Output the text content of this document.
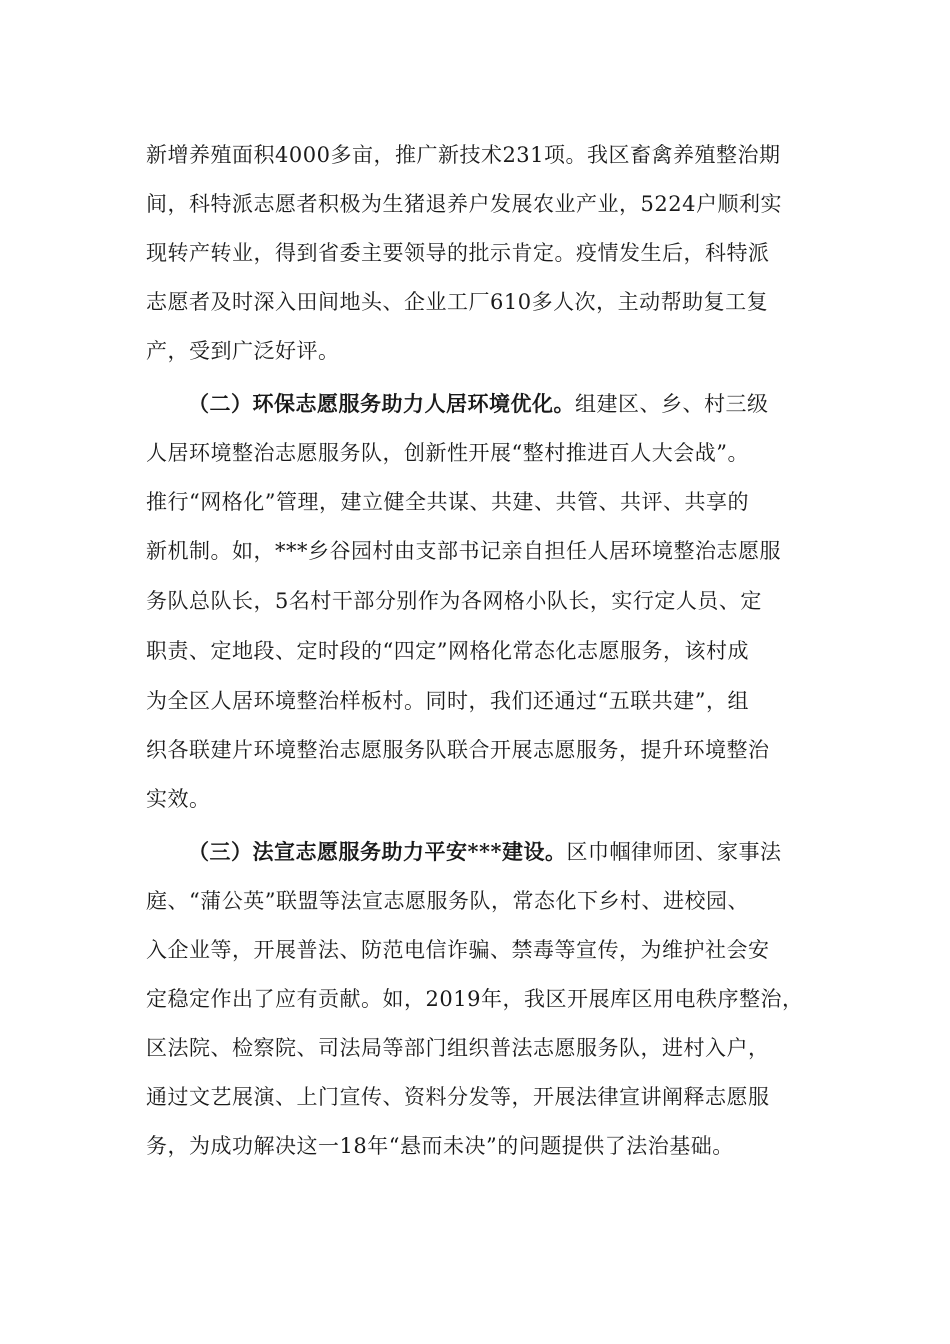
新增养殖面积4000多亩，推广新技术231项。我区畜禽养殖整治期
间，科特派志愿者积极为生猪退养户发展农业产业，5224户顺利实
现转产转业，得到省委主要领导的批示肯定。疫情发生后，科特派
志愿者及时深入田间地头、企业工厂610多人次，主动帮助复工复
产，受到广泛好评。
（二）环保志愿服务助力人居环境优化。组建区、乡、村三级
人居环境整治志愿服务队，创新性开展“整村推进百人大会战”。
推行“网格化”管理，建立健全共谋、共建、共管、共评、共享的
新机制。如，***乡谷园村由支部书记亲自担任人居环境整治志愿服
务队总队长，5名村干部分别作为各网格小队长，实行定人员、定
职责、定地段、定时段的“四定”网格化常态化志愿服务，该村成
为全区人居环境整治样板村。同时，我们还通过“五联共建”，组
织各联建片环境整治志愿服务队联合开展志愿服务，提升环境整治
实效。
（三）法宣志愿服务助力平安***建设。区巾帼律师团、家事法
庭、“蒲公英”联盟等法宣志愿服务队，常态化下乡村、进校园、
入企业等，开展普法、防范电信诈骗、禁毒等宣传，为维护社会安
定稳定作出了应有贡献。如，2019年，我区开展库区用电秩序整治，
区法院、检察院、司法局等部门组织普法志愿服务队，进村入户，
通过文艺展演、上门宣传、资料分发等，开展法律宣讲阐释志愿服
务，为成功解决这一18年“悬而未决”的问题提供了法治基础。
